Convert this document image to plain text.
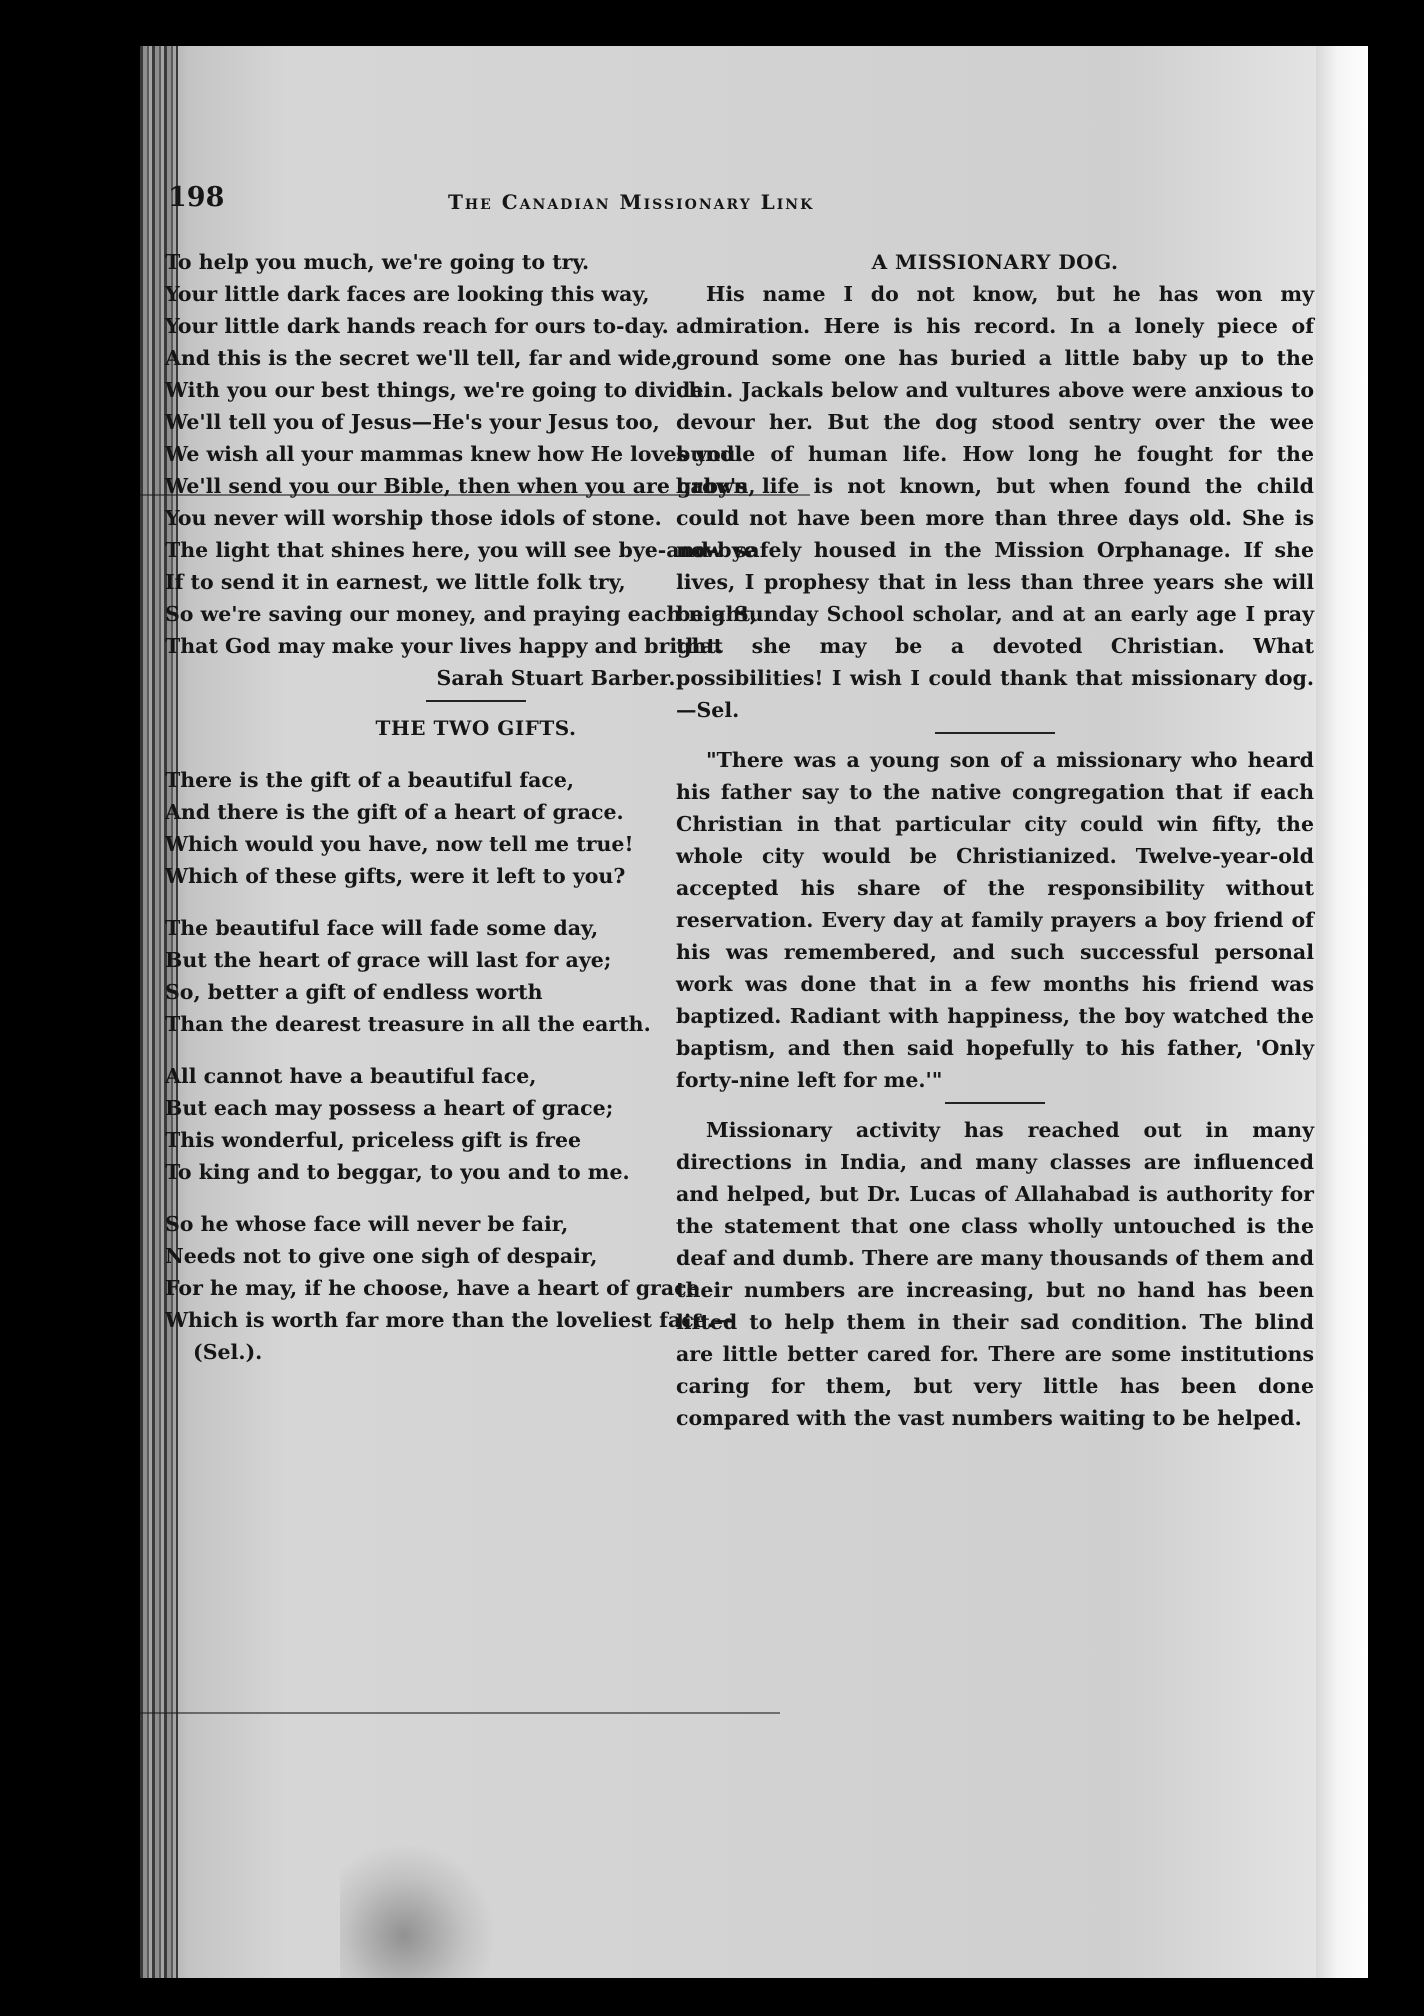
198	The Canadian Missionary Link
To help you much, we're going to try.
Your little dark faces are looking this way,
Your little dark hands reach for ours to-day.
And this is the secret we'll tell, far and wide,
With you our best things, we're going to divide.
We'll tell you of Jesus—He's your Jesus too,
We wish all your mammas knew how He loves you.
We'll send you our Bible, then when you are grown,
You never will worship those idols of stone.
The light that shines here, you will see bye-and-bye
If to send it in earnest, we little folk try,
So we're saving our money, and praying each night,
That God may make your lives happy and bright.
Sarah Stuart Barber.
THE TWO GIFTS.
There is the gift of a beautiful face,
And there is the gift of a heart of grace.
Which would you have, now tell me true!
Which of these gifts, were it left to you?
The beautiful face will fade some day,
But the heart of grace will last for aye;
So, better a gift of endless worth
Than the dearest treasure in all the earth.
All cannot have a beautiful face,
But each may possess a heart of grace;
This wonderful, priceless gift is free
To king and to beggar, to you and to me.
So he whose face will never be fair,
Needs not to give one sigh of despair,
For he may, if he choose, have a heart of grace.
Which is worth far more than the loveliest face.—(Sel.).
A MISSIONARY DOG.
His name I do not know, but he has won my admiration. Here is his record. In a lonely piece of ground some one has buried a little baby up to the chin. Jackals below and vultures above were anxious to devour her. But the dog stood sentry over the wee bundle of human life. How long he fought for the baby's life is not known, but when found the child could not have been more than three days old. She is now safely housed in the Mission Orphanage. If she lives, I prophesy that in less than three years she will be a Sunday School scholar, and at an early age I pray that she may be a devoted Christian. What possibilities! I wish I could thank that missionary dog.—Sel.
"There was a young son of a missionary who heard his father say to the native congregation that if each Christian in that particular city could win fifty, the whole city would be Christianized. Twelve-year-old accepted his share of the responsibility without reservation. Every day at family prayers a boy friend of his was remembered, and such successful personal work was done that in a few months his friend was baptized. Radiant with happiness, the boy watched the baptism, and then said hopefully to his father, 'Only forty-nine left for me.'"
Missionary activity has reached out in many directions in India, and many classes are influenced and helped, but Dr. Lucas of Allahabad is authority for the statement that one class wholly untouched is the deaf and dumb. There are many thousands of them and their numbers are increasing, but no hand has been lifted to help them in their sad condition. The blind are little better cared for. There are some institutions caring for them, but very little has been done compared with the vast numbers waiting to be helped.
